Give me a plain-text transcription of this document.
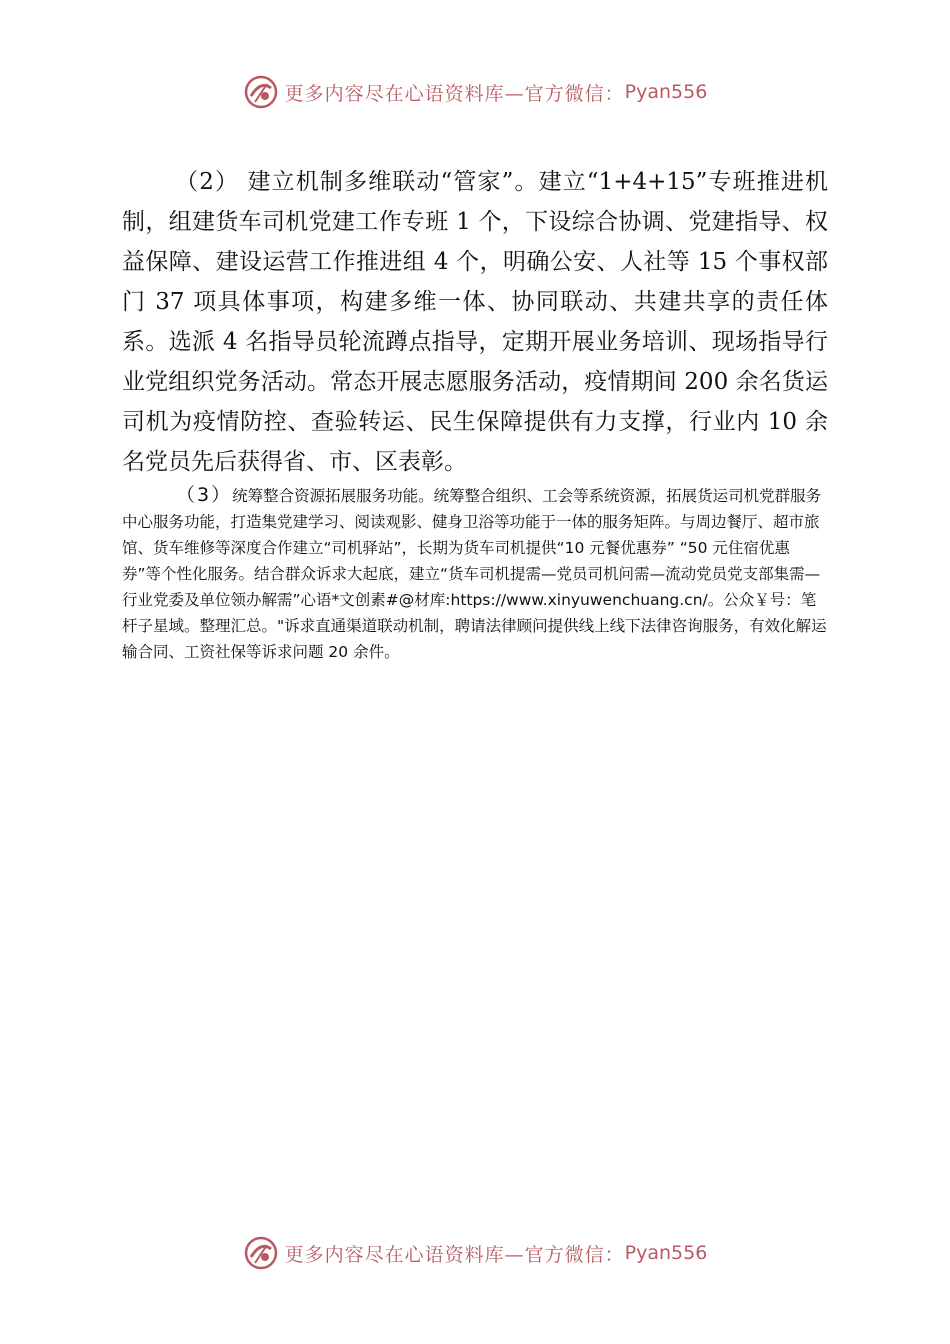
更多内容尽在心语资料库—官方微信： Pyan556
（2） 建立机制多维联动“管家”。建立“1+4+15”专班推进机制，组建货车司机党建工作专班 1 个，下设综合协调、党建指导、权益保障、建设运营工作推进组 4 个，明确公安、人社等 15 个事权部门 37 项具体事项，构建多维一体、协同联动、共建共享的责任体系。选派 4 名指导员轮流蹲点指导，定期开展业务培训、现场指导行业党组织党务活动。常态开展志愿服务活动，疫情期间 200 余名货运司机为疫情防控、查验转运、民生保障提供有力支撑，行业内 10 余名党员先后获得省、市、区表彰。
（3）统筹整合资源拓展服务功能。统筹整合组织、工会等系统资源，拓展货运司机党群服务中心服务功能，打造集党建学习、阅读观影、健身卫浴等功能于一体的服务矩阵。与周边餐厅、超市旅馆、货车维修等深度合作建立“司机驿站”，长期为货车司机提供“10 元餐优惠券” “50 元住宿优惠券”等个性化服务。结合群众诉求大起底，建立“货车司机提需—党员司机问需—流动党员党支部集需—行业党委及单位领办解需”心语*文创素#@材库:https://www.xinyuwenchuang.cn/。公众￥号：笔杆子星域。整理汇总。"诉求直通渠道联动机制，聘请法律顾问提供线上线下法律咨询服务，有效化解运输合同、工资社保等诉求问题 20 余件。
更多内容尽在心语资料库—官方微信： Pyan556
